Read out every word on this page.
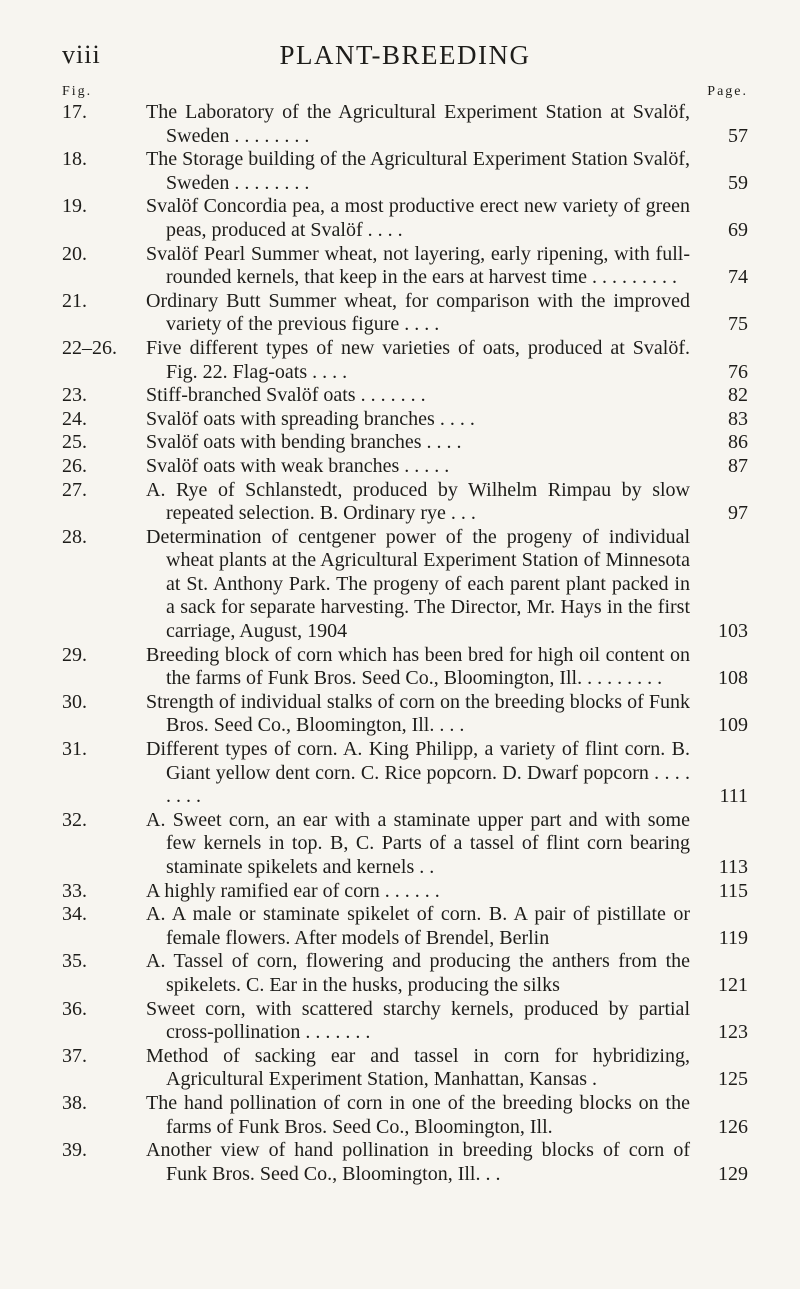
viii	PLANT-BREEDING
Fig.	Page.
17.	The Laboratory of the Agricultural Experiment Station at Svalöf, Sweden . . . . . . . .	57
18.	The Storage building of the Agricultural Experiment Station Svalöf, Sweden . . . . . . . .	59
19.	Svalöf Concordia pea, a most productive erect new variety of green peas, produced at Svalöf . . . .	69
20.	Svalöf Pearl Summer wheat, not layering, early ripening, with full-rounded kernels, that keep in the ears at harvest time . . . . . . . . .	74
21.	Ordinary Butt Summer wheat, for comparison with the improved variety of the previous figure . . . .	75
22–26.	Five different types of new varieties of oats, produced at Svalöf. Fig. 22. Flag-oats . . . .	76
23.	Stiff-branched Svalöf oats . . . . . . .	82
24.	Svalöf oats with spreading branches . . . .	83
25.	Svalöf oats with bending branches . . . .	86
26.	Svalöf oats with weak branches . . . . .	87
27.	A. Rye of Schlanstedt, produced by Wilhelm Rimpau by slow repeated selection. B. Ordinary rye . . .	97
28.	Determination of centgener power of the progeny of individual wheat plants at the Agricultural Experiment Station of Minnesota at St. Anthony Park. The progeny of each parent plant packed in a sack for separate harvesting. The Director, Mr. Hays in the first carriage, August, 1904	103
29.	Breeding block of corn which has been bred for high oil content on the farms of Funk Bros. Seed Co., Bloomington, Ill. . . . . . . . .	108
30.	Strength of individual stalks of corn on the breeding blocks of Funk Bros. Seed Co., Bloomington, Ill. . . .	109
31.	Different types of corn. A. King Philipp, a variety of flint corn. B. Giant yellow dent corn. C. Rice popcorn. D. Dwarf popcorn . . . . . . . .	111
32.	A. Sweet corn, an ear with a staminate upper part and with some few kernels in top. B, C. Parts of a tassel of flint corn bearing staminate spikelets and kernels . .	113
33.	A highly ramified ear of corn . . . . . .	115
34.	A. A male or staminate spikelet of corn. B. A pair of pistillate or female flowers. After models of Brendel, Berlin	119
35.	A. Tassel of corn, flowering and producing the anthers from the spikelets. C. Ear in the husks, producing the silks	121
36.	Sweet corn, with scattered starchy kernels, produced by partial cross-pollination . . . . . . .	123
37.	Method of sacking ear and tassel in corn for hybridizing, Agricultural Experiment Station, Manhattan, Kansas .	125
38.	The hand pollination of corn in one of the breeding blocks on the farms of Funk Bros. Seed Co., Bloomington, Ill.	126
39.	Another view of hand pollination in breeding blocks of corn of Funk Bros. Seed Co., Bloomington, Ill. . .	129
